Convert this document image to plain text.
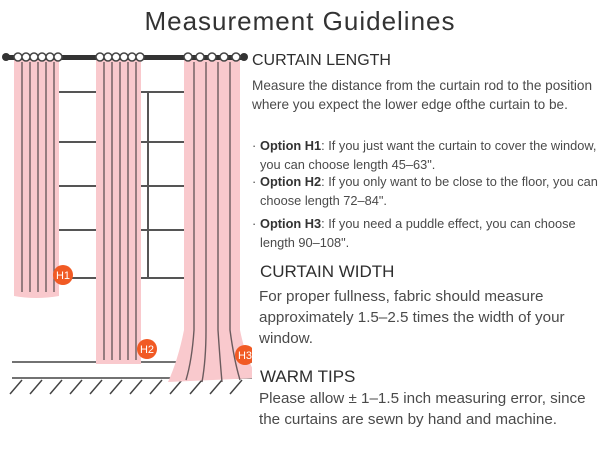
Measurement Guidelines
H1
H2	H3

CURTAIN LENGTH

Measure the distance from the curtain rod to the position where you expect the lower edge ofthe curtain to be.

· Option H1: If you just want the curtain to cover the window, you can choose length 45–63".

· Option H2: If you only want to be close to the floor, you can choose length 72–84".

· Option H3: If you need a puddle effect, you can choose length 90–108".

CURTAIN WIDTH

For proper fullness, fabric should measure approximately 1.5–2.5 times the width of your window.

WARM TIPS

Please allow ± 1–1.5 inch measuring error, since the curtains are sewn by hand and machine.
